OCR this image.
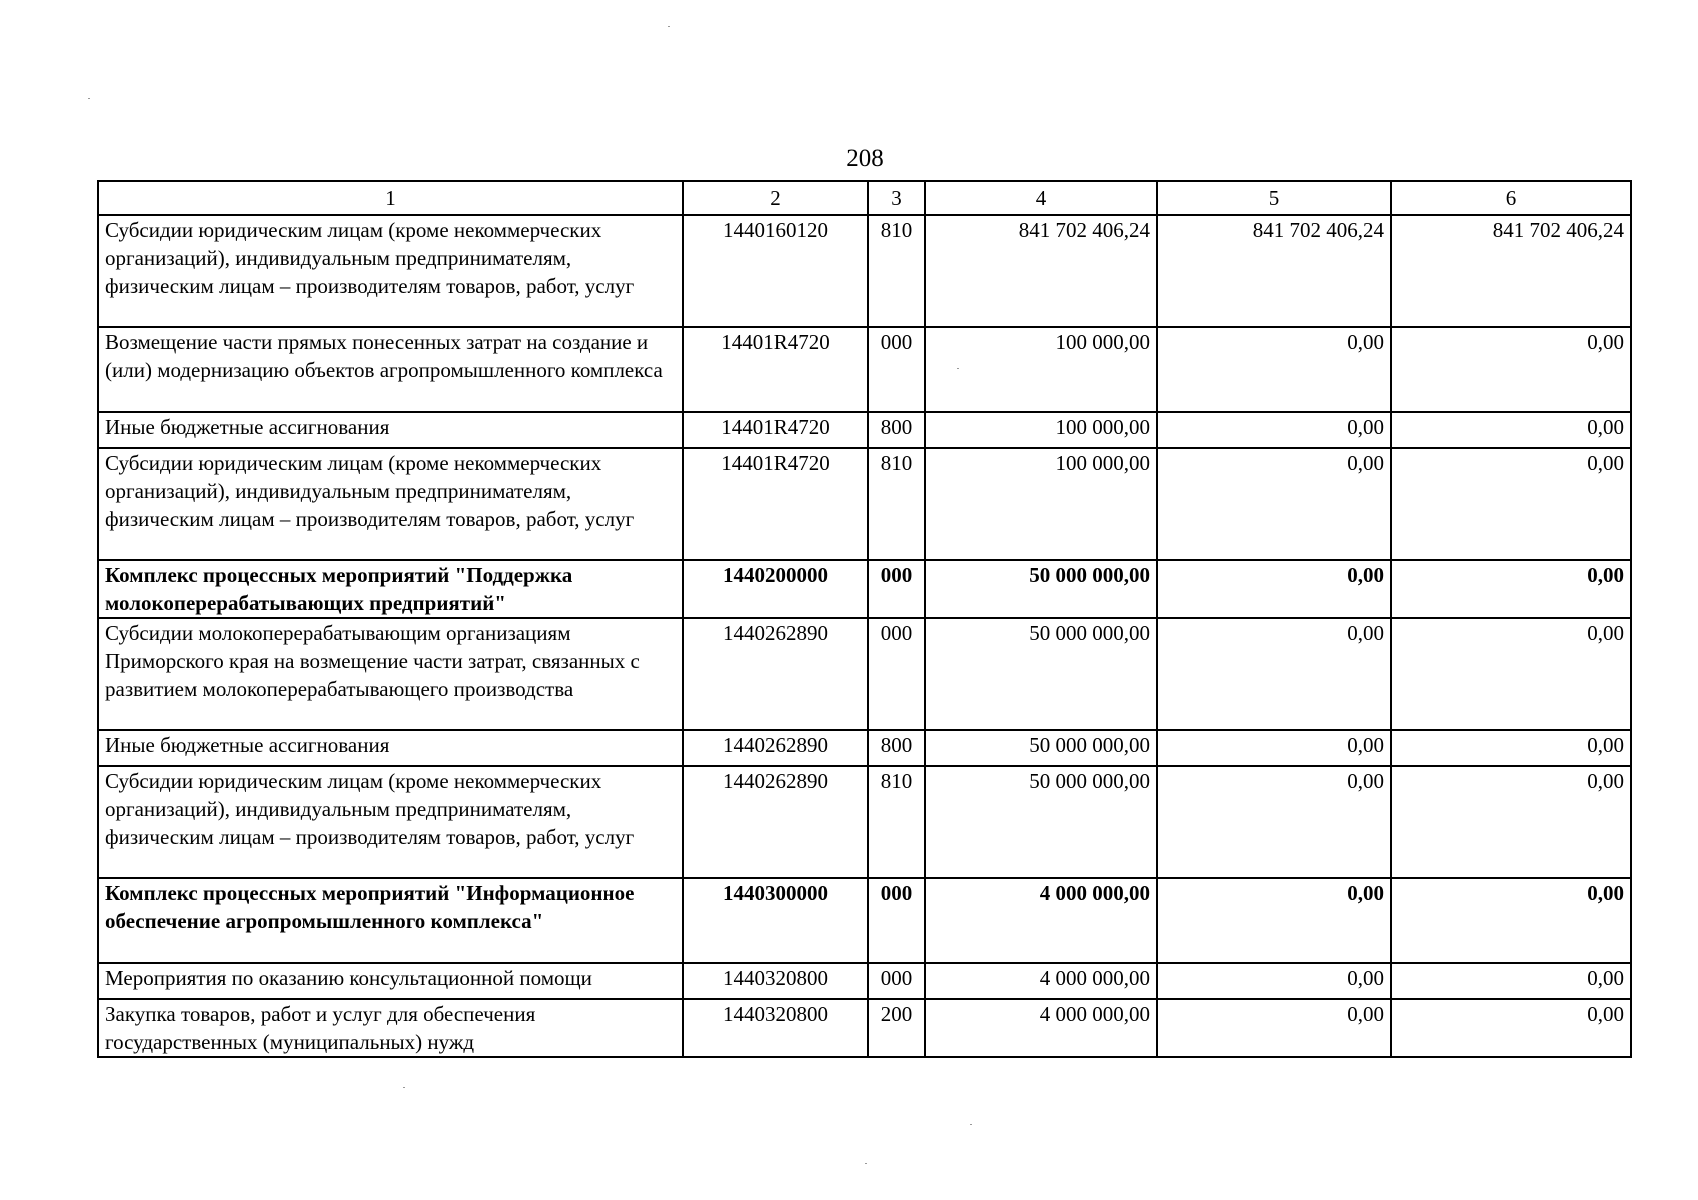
208
1	2	3	4	5	6
Субсидии юридическим лицам (кроме некоммерческих организаций), индивидуальным предпринимателям, физическим лицам – производителям товаров, работ, услуг	1440160120	810	841 702 406,24	841 702 406,24	841 702 406,24
Возмещение части прямых понесенных затрат на создание и (или) модернизацию объектов агропромышленного комплекса	14401R4720	000	100 000,00	0,00	0,00
Иные бюджетные ассигнования	14401R4720	800	100 000,00	0,00	0,00
Субсидии юридическим лицам (кроме некоммерческих организаций), индивидуальным предпринимателям, физическим лицам – производителям товаров, работ, услуг	14401R4720	810	100 000,00	0,00	0,00
Комплекс процессных мероприятий "Поддержка молокоперерабатывающих предприятий"	1440200000	000	50 000 000,00	0,00	0,00
Субсидии молокоперерабатывающим организациям Приморского края на возмещение части затрат, связанных с развитием молокоперерабатывающего производства	1440262890	000	50 000 000,00	0,00	0,00
Иные бюджетные ассигнования	1440262890	800	50 000 000,00	0,00	0,00
Субсидии юридическим лицам (кроме некоммерческих организаций), индивидуальным предпринимателям, физическим лицам – производителям товаров, работ, услуг	1440262890	810	50 000 000,00	0,00	0,00
Комплекс процессных мероприятий "Информационное обеспечение агропромышленного комплекса"	1440300000	000	4 000 000,00	0,00	0,00
Мероприятия по оказанию консультационной помощи	1440320800	000	4 000 000,00	0,00	0,00
Закупка товаров, работ и услуг для обеспечения государственных (муниципальных) нужд	1440320800	200	4 000 000,00	0,00	0,00
